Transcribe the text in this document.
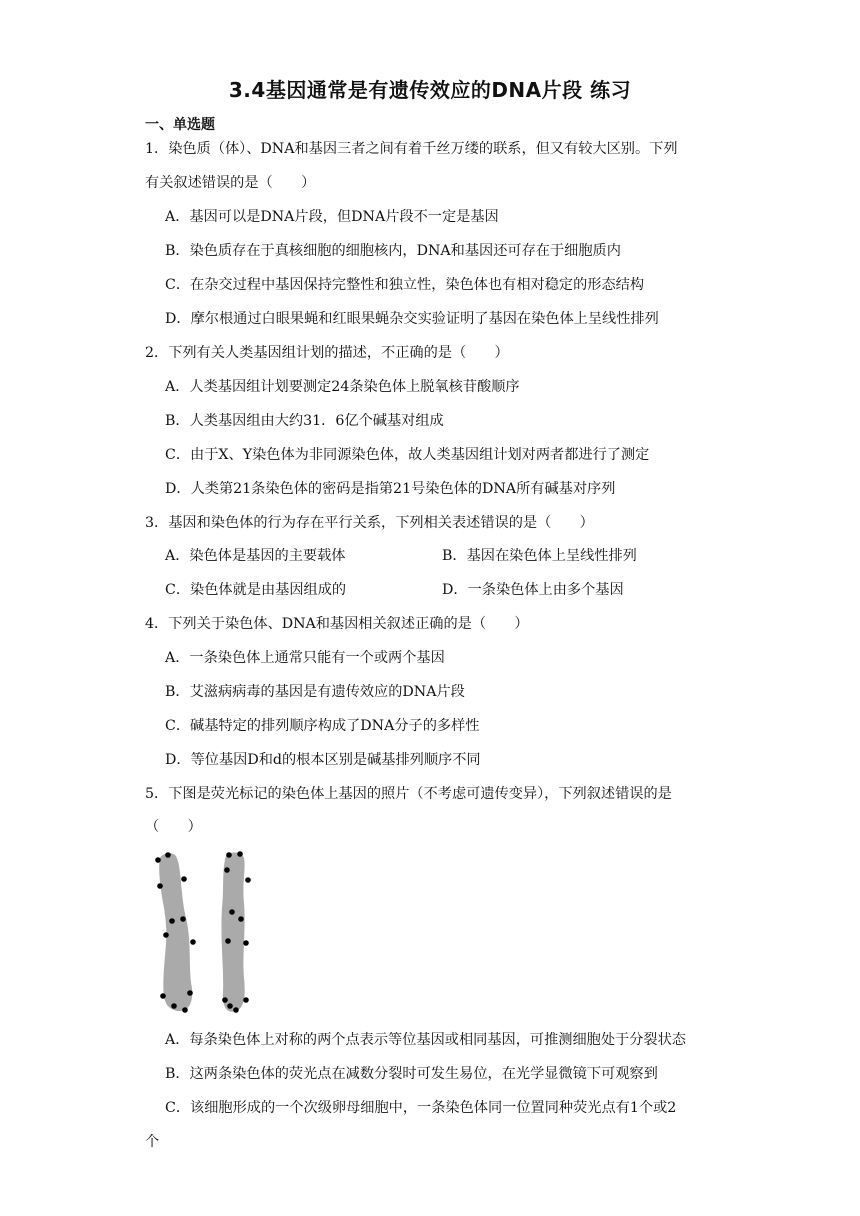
3.4基因通常是有遗传效应的DNA片段 练习
一、单选题
1．染色质（体）、DNA和基因三者之间有着千丝万缕的联系，但又有较大区别。下列
有关叙述错误的是（　　）
A．基因可以是DNA片段，但DNA片段不一定是基因
B．染色质存在于真核细胞的细胞核内，DNA和基因还可存在于细胞质内
C．在杂交过程中基因保持完整性和独立性，染色体也有相对稳定的形态结构
D．摩尔根通过白眼果蝇和红眼果蝇杂交实验证明了基因在染色体上呈线性排列
2．下列有关人类基因组计划的描述，不正确的是（　　）
A．人类基因组计划要测定24条染色体上脱氧核苷酸顺序
B．人类基因组由大约31．6亿个碱基对组成
C．由于X、Y染色体为非同源染色体，故人类基因组计划对两者都进行了测定
D．人类第21条染色体的密码是指第21号染色体的DNA所有碱基对序列
3．基因和染色体的行为存在平行关系，下列相关表述错误的是（　　）
A．染色体是基因的主要载体	B．基因在染色体上呈线性排列
C．染色体就是由基因组成的	D．一条染色体上由多个基因
4．下列关于染色体、DNA和基因相关叙述正确的是（　　）
A．一条染色体上通常只能有一个或两个基因
B．艾滋病病毒的基因是有遗传效应的DNA片段
C．碱基特定的排列顺序构成了DNA分子的多样性
D．等位基因D和d的根本区别是碱基排列顺序不同
5．下图是荧光标记的染色体上基因的照片（不考虑可遗传变异），下列叙述错误的是
（　　）
A．每条染色体上对称的两个点表示等位基因或相同基因，可推测细胞处于分裂状态
B．这两条染色体的荧光点在减数分裂时可发生易位，在光学显微镜下可观察到
C．该细胞形成的一个次级卵母细胞中，一条染色体同一位置同种荧光点有1个或2
个
